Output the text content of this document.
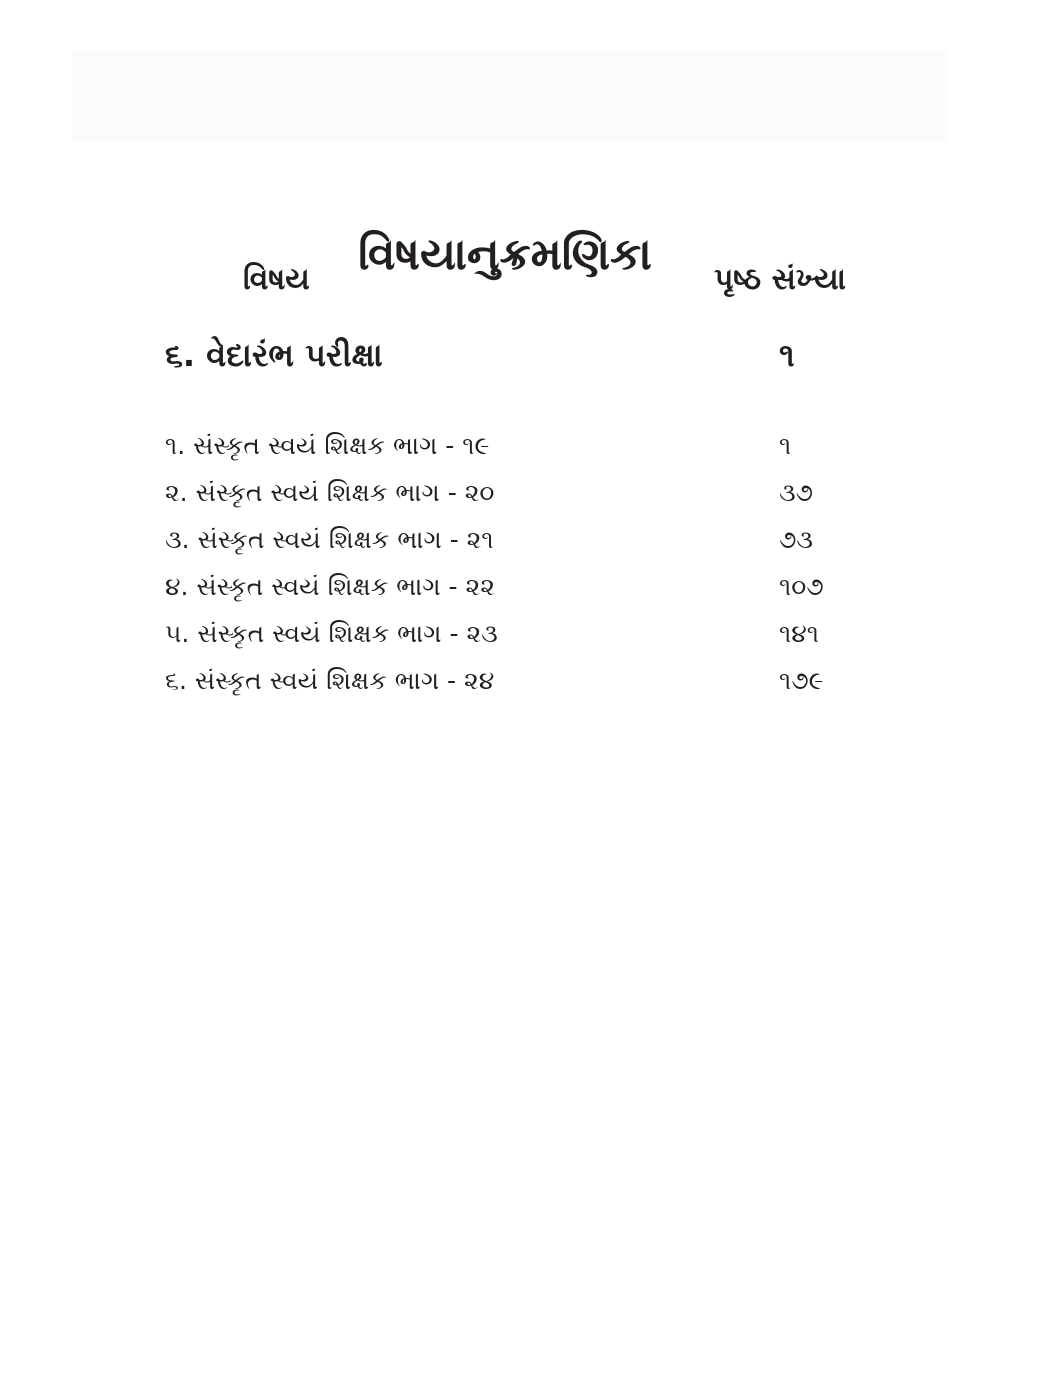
વિષયાનુક્રમણિકા
વિષય	પૃષ્ઠ સંખ્યા
૬. વેદારંભ પરીક્ષા	૧
૧. સંસ્કૃત સ્વયં શિક્ષક ભાગ - ૧૯	૧
૨. સંસ્કૃત સ્વયં શિક્ષક ભાગ - ૨૦	૩૭
૩. સંસ્કૃત સ્વયં શિક્ષક ભાગ - ૨૧	૭૩
૪. સંસ્કૃત સ્વયં શિક્ષક ભાગ - ૨૨	૧૦૭
૫. સંસ્કૃત સ્વયં શિક્ષક ભાગ - ૨૩	૧૪૧
૬. સંસ્કૃત સ્વયં શિક્ષક ભાગ - ૨૪	૧૭૯
